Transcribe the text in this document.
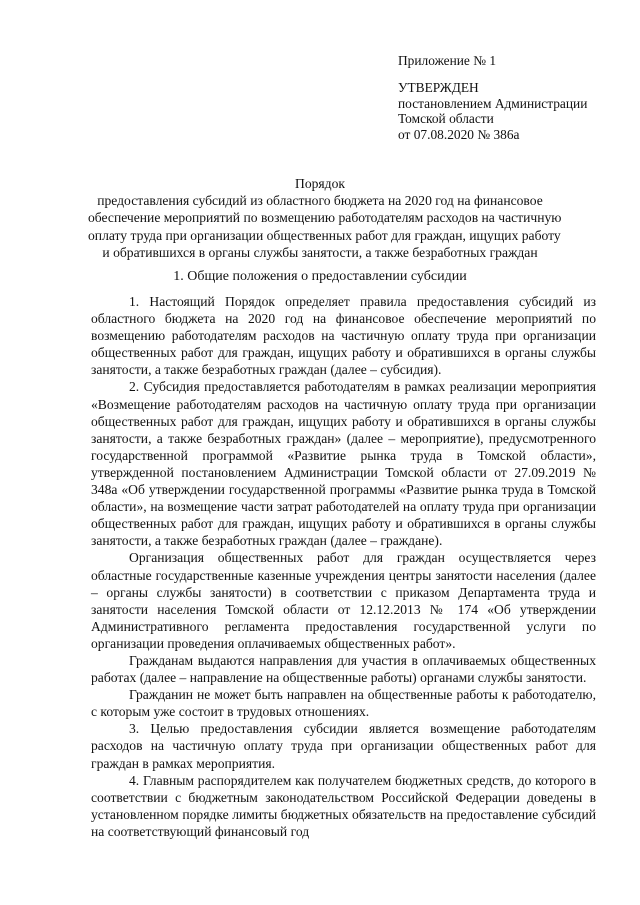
Приложение № 1
УТВЕРЖДЕН
постановлением Администрации
Томской области
от 07.08.2020 № 386а
Порядок
предоставления субсидий из областного бюджета на 2020 год на финансовое
обеспечение мероприятий по возмещению работодателям расходов на частичную
оплату труда при организации общественных работ для граждан, ищущих работу
и обратившихся в органы службы занятости, а также безработных граждан
1. Общие положения о предоставлении субсидии

1. Настоящий Порядок определяет правила предоставления субсидий из областного бюджета на 2020 год на финансовое обеспечение мероприятий по возмещению работодателям расходов на частичную оплату труда при организации общественных работ для граждан, ищущих работу и обратившихся в органы службы занятости, а также безработных граждан (далее – субсидия).

2. Субсидия предоставляется работодателям в рамках реализации мероприятия «Возмещение работодателям расходов на частичную оплату труда при организации общественных работ для граждан, ищущих работу и обратившихся в органы службы занятости, а также безработных граждан» (далее – мероприятие), предусмотренного государственной программой «Развитие рынка труда в Томской области», утвержденной постановлением Администрации Томской области от 27.09.2019 № 348а «Об утверждении государственной программы «Развитие рынка труда в Томской области», на возмещение части затрат работодателей на оплату труда при организации общественных работ для граждан, ищущих работу и обратившихся в органы службы занятости, а также безработных граждан (далее – граждане).

Организация общественных работ для граждан осуществляется через областные государственные казенные учреждения центры занятости населения (далее – органы службы занятости) в соответствии с приказом Департамента труда и занятости населения Томской области от 12.12.2013 № 174 «Об утверждении Административного регламента предоставления государственной услуги по организации проведения оплачиваемых общественных работ».

Гражданам выдаются направления для участия в оплачиваемых общественных работах (далее – направление на общественные работы) органами службы занятости.

Гражданин не может быть направлен на общественные работы к работодателю, с которым уже состоит в трудовых отношениях.

3. Целью предоставления субсидии является возмещение работодателям расходов на частичную оплату труда при организации общественных работ для граждан в рамках мероприятия.

4. Главным распорядителем как получателем бюджетных средств, до которого в соответствии с бюджетным законодательством Российской Федерации доведены в установленном порядке лимиты бюджетных обязательств на предоставление субсидий на соответствующий финансовый год
